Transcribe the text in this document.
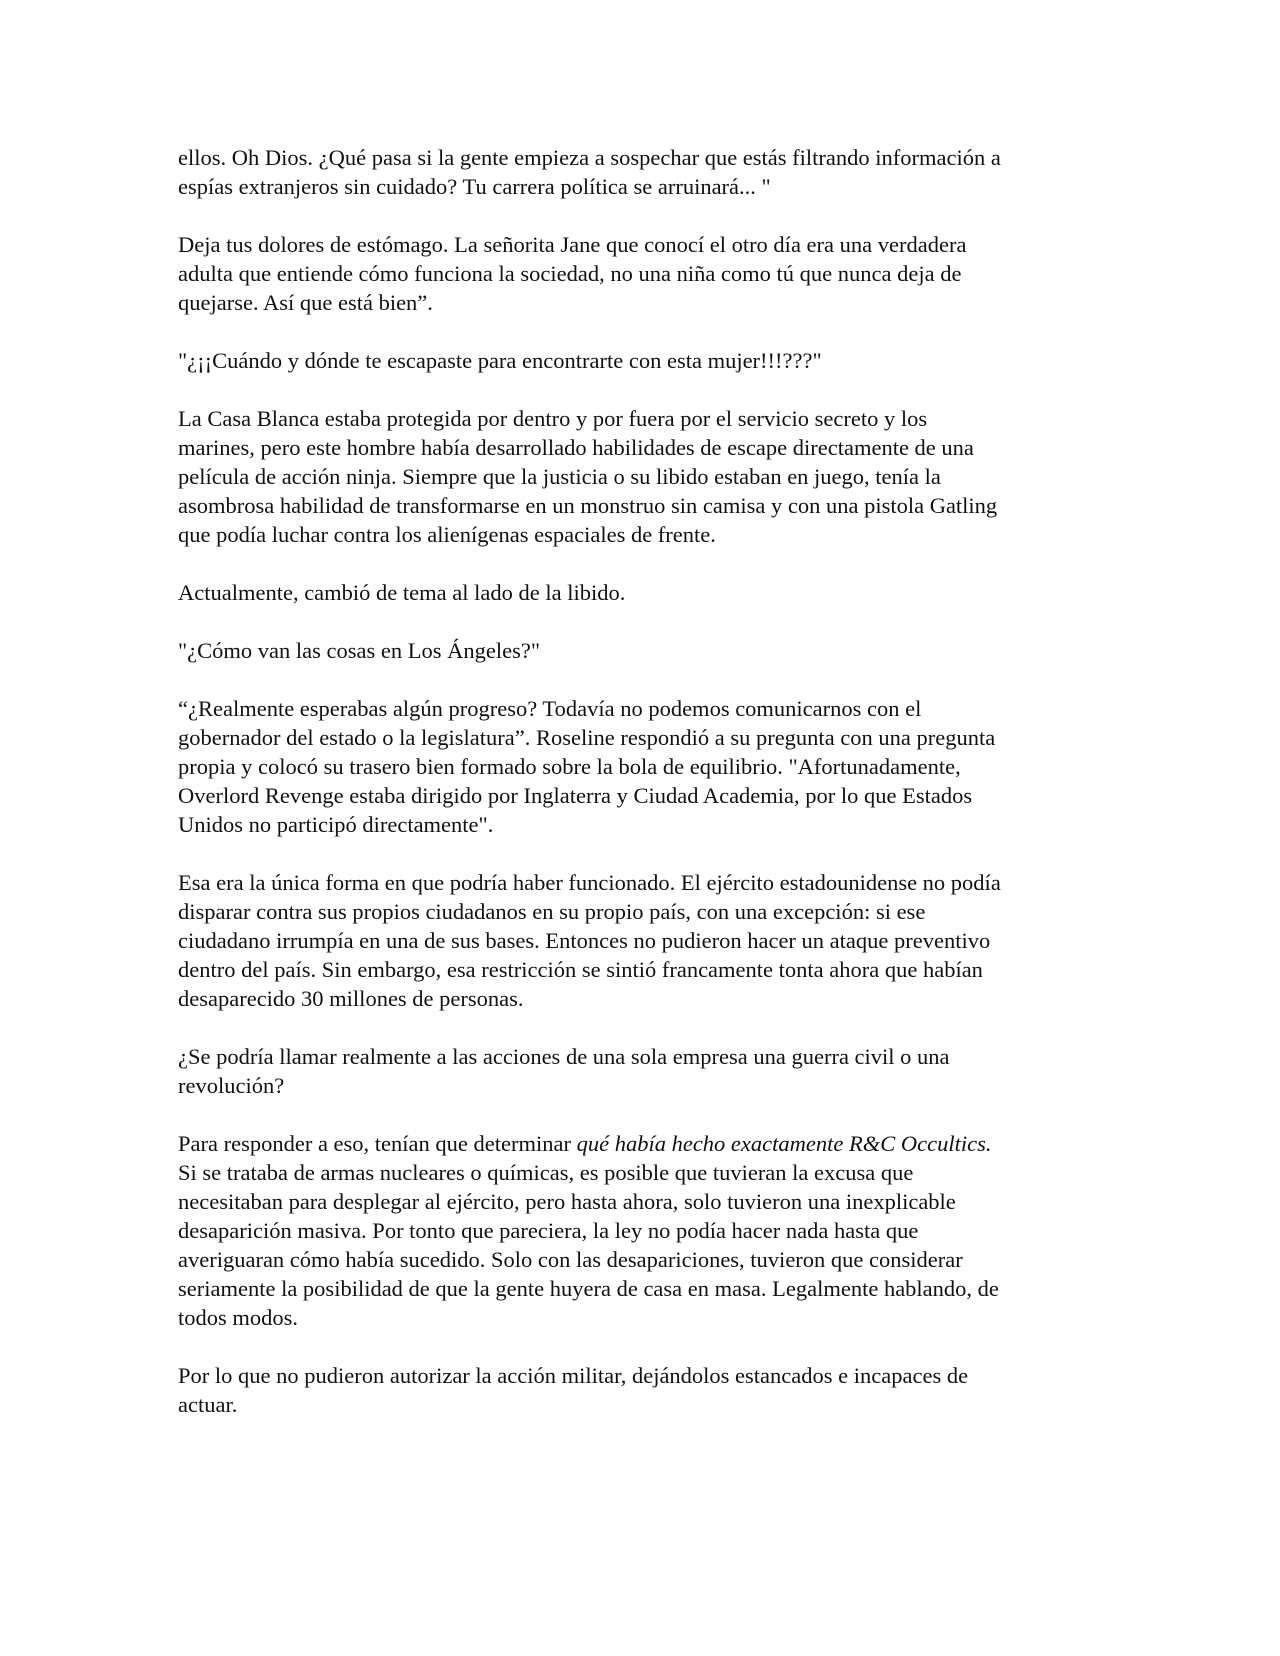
ellos. Oh Dios. ¿Qué pasa si la gente empieza a sospechar que estás filtrando información a
espías extranjeros sin cuidado? Tu carrera política se arruinará... "

Deja tus dolores de estómago. La señorita Jane que conocí el otro día era una verdadera
adulta que entiende cómo funciona la sociedad, no una niña como tú que nunca deja de
quejarse. Así que está bien”.

"¿¡¡Cuándo y dónde te escapaste para encontrarte con esta mujer!!!???"

La Casa Blanca estaba protegida por dentro y por fuera por el servicio secreto y los
marines, pero este hombre había desarrollado habilidades de escape directamente de una
película de acción ninja. Siempre que la justicia o su libido estaban en juego, tenía la
asombrosa habilidad de transformarse en un monstruo sin camisa y con una pistola Gatling
que podía luchar contra los alienígenas espaciales de frente.

Actualmente, cambió de tema al lado de la libido.

"¿Cómo van las cosas en Los Ángeles?"

“¿Realmente esperabas algún progreso? Todavía no podemos comunicarnos con el
gobernador del estado o la legislatura”. Roseline respondió a su pregunta con una pregunta
propia y colocó su trasero bien formado sobre la bola de equilibrio. "Afortunadamente,
Overlord Revenge estaba dirigido por Inglaterra y Ciudad Academia, por lo que Estados
Unidos no participó directamente".

Esa era la única forma en que podría haber funcionado. El ejército estadounidense no podía
disparar contra sus propios ciudadanos en su propio país, con una excepción: si ese
ciudadano irrumpía en una de sus bases. Entonces no pudieron hacer un ataque preventivo
dentro del país. Sin embargo, esa restricción se sintió francamente tonta ahora que habían
desaparecido 30 millones de personas.

¿Se podría llamar realmente a las acciones de una sola empresa una guerra civil o una
revolución?

Para responder a eso, tenían que determinar qué había hecho exactamente R&C Occultics.
Si se trataba de armas nucleares o químicas, es posible que tuvieran la excusa que
necesitaban para desplegar al ejército, pero hasta ahora, solo tuvieron una inexplicable
desaparición masiva. Por tonto que pareciera, la ley no podía hacer nada hasta que
averiguaran cómo había sucedido. Solo con las desapariciones, tuvieron que considerar
seriamente la posibilidad de que la gente huyera de casa en masa. Legalmente hablando, de
todos modos.

Por lo que no pudieron autorizar la acción militar, dejándolos estancados e incapaces de
actuar.
